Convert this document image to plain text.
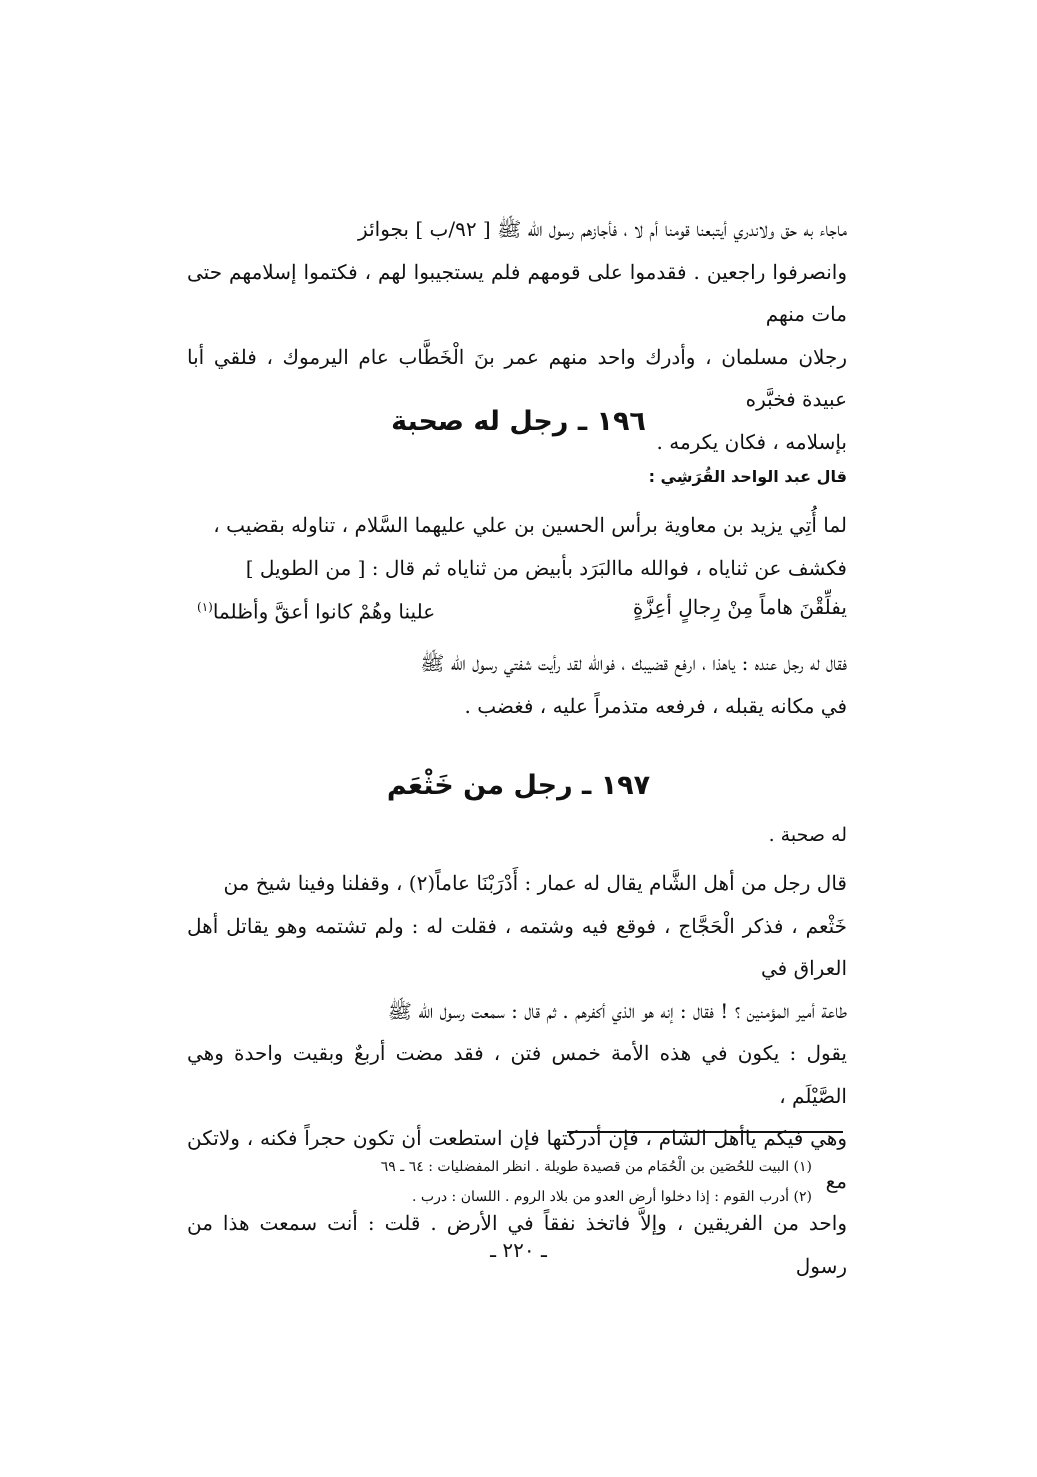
ماجاء به حق ولاندري أيتبعنا قومنا أم لا ، فأجازهم رسول الله ﷺ [ ٩٢/ب ] بجوائز

وانصرفوا راجعين . فقدموا على قومهم فلم يستجيبوا لهم ، فكتموا إسلامهم حتى مات منهم

رجلان مسلمان ، وأدرك واحد منهم عمر بنَ الْخَطَّاب عام اليرموك ، فلقي أبا عبيدة فخبَّره

بإسلامه ، فكان يكرمه .

١٩٦ ـ رجل له صحبة
قال عبد الواحد القُرَشِي :

لما أُتِي يزيد بن معاوية برأس الحسين بن علي عليهما السَّلام ، تناوله بقضيب ،

فكشف عن ثناياه ، فوالله ماالبَرَد بأبيض من ثناياه ثم قال : [ من الطويل ]

يفلِّقْنَ هاماً مِنْ رِجالٍ أعِزَّةٍ
علينا وهُمْ كانوا أعقَّ وأظلما$^{(١)}$

فقال له رجل عنده : ياهذا ، ارفع قضيبك ، فوالله لقد رأيت شفتي رسول الله ﷺ

في مكانه يقبله ، فرفعه متذمراً عليه ، فغضب .

١٩٧ ـ رجل من خَثْعَم
له صحبة .

قال رجل من أهل الشَّام يقال له عمار : أَدْرَبْنَا عاماً(٢) ، وقفلنا وفينا شيخ من

خَثْعم ، فذكر الْحَجَّاج ، فوقع فيه وشتمه ، فقلت له : ولم تشتمه وهو يقاتل أهل العراق في

طاعة أمير المؤمنين ؟ ! فقال : إنه هو الذي أكفرهم . ثم قال : سمعت رسول الله ﷺ

يقول : يكون في هذه الأمة خمس فتن ، فقد مضت أربعٌ وبقيت واحدة وهي الصَّيْلَم ،

وهي فيكم ياأهل الشام ، فإن أدركتها فإن استطعت أن تكون حجراً فكنه ، ولاتكن مع

واحد من الفريقين ، وإلاَّ فاتخذ نفقاً في الأرض . قلت : أنت سمعت هذا من رسول

(١) البيت للحُصَين بن الْحُمَام من قصيدة طويلة . انظر المفضليات : ٦٤ ـ ٦٩
(٢) أدرب القوم : إذا دخلوا أرض العدو من بلاد الروم . اللسان : درب .
ـ ٢٢٠ ـ
